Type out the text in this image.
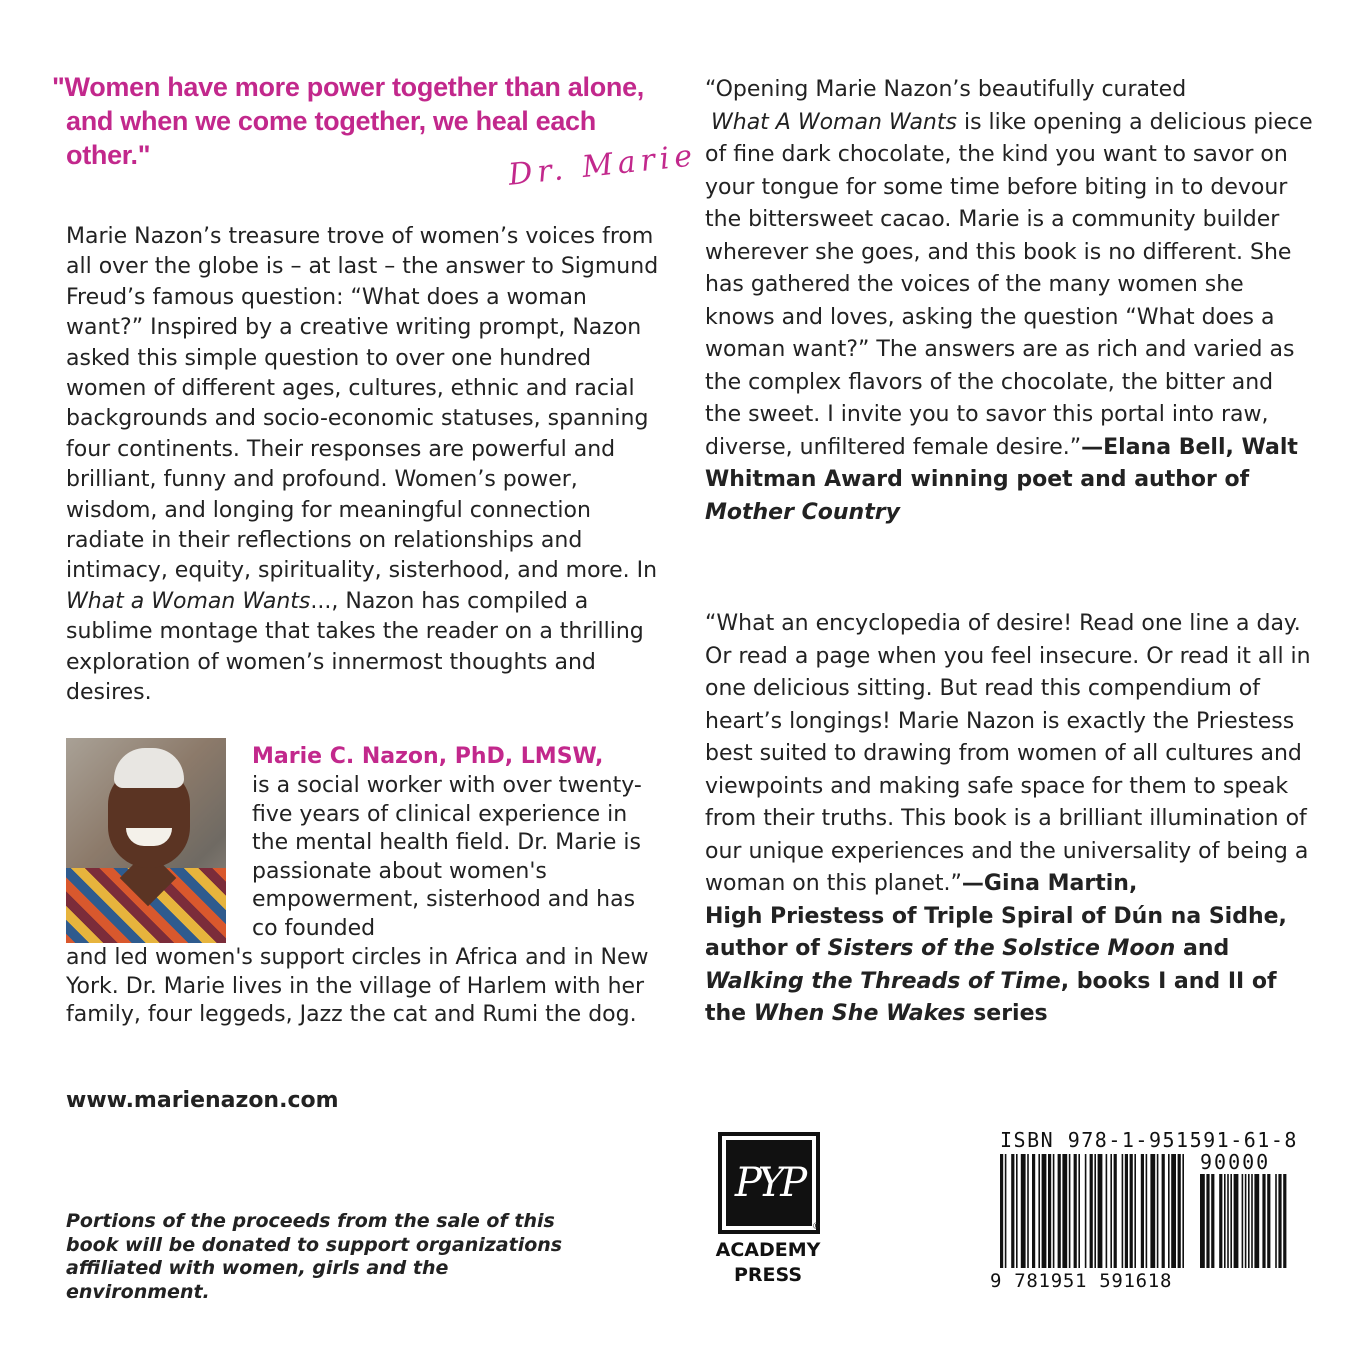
"Women have more power together than alone,
and when we come together, we heal each other."	Dr. Marie
Marie Nazon’s treasure trove of women’s voices from all over the globe is – at last – the answer to Sigmund Freud’s famous question: “What does a woman want?” Inspired by a creative writing prompt, Nazon asked this simple question to over one hundred women of different ages, cultures, ethnic and racial backgrounds and socio-economic statuses, spanning four continents. Their responses are powerful and brilliant, funny and profound. Women’s power, wisdom, and longing for meaningful connection radiate in their reflections on relationships and intimacy, equity, spirituality, sisterhood, and more. In What a Woman Wants..., Nazon has compiled a sublime montage that takes the reader on a thrilling exploration of women’s innermost thoughts and desires.
Marie C. Nazon, PhD, LMSW,
is a social worker with over twenty-five years of clinical experience in the mental health field. Dr. Marie is passionate about women's empowerment, sisterhood and has co founded
and led women's support circles in Africa and in New York. Dr. Marie lives in the village of Harlem with her family, four leggeds, Jazz the cat and Rumi the dog.
www.marienazon.com
Portions of the proceeds from the sale of this book will be donated to support organizations affiliated with women, girls and the environment.
“Opening Marie Nazon’s beautifully curated
What A Woman Wants is like opening a delicious piece of fine dark chocolate, the kind you want to savor on your tongue for some time before biting in to devour the bittersweet cacao. Marie is a community builder wherever she goes, and this book is no different. She has gathered the voices of the many women she knows and loves, asking the question “What does a woman want?” The answers are as rich and varied as the complex flavors of the chocolate, the bitter and the sweet. I invite you to savor this portal into raw, diverse, unfiltered female desire.”—Elana Bell, Walt Whitman Award winning poet and author of Mother Country
“What an encyclopedia of desire! Read one line a day. Or read a page when you feel insecure. Or read it all in one delicious sitting. But read this compendium of heart’s longings! Marie Nazon is exactly the Priestess best suited to drawing from women of all cultures and viewpoints and making safe space for them to speak from their truths. This book is a brilliant illumination of our unique experiences and the universality of being a woman on this planet.”—Gina Martin,
High Priestess of Triple Spiral of Dún na Sidhe, author of Sisters of the Solstice Moon and Walking the Threads of Time, books I and II of the When She Wakes series
PYP
®
ACADEMY
PRESS
ISBN 978-1-951591-61-8
90000
9 781951 591618
